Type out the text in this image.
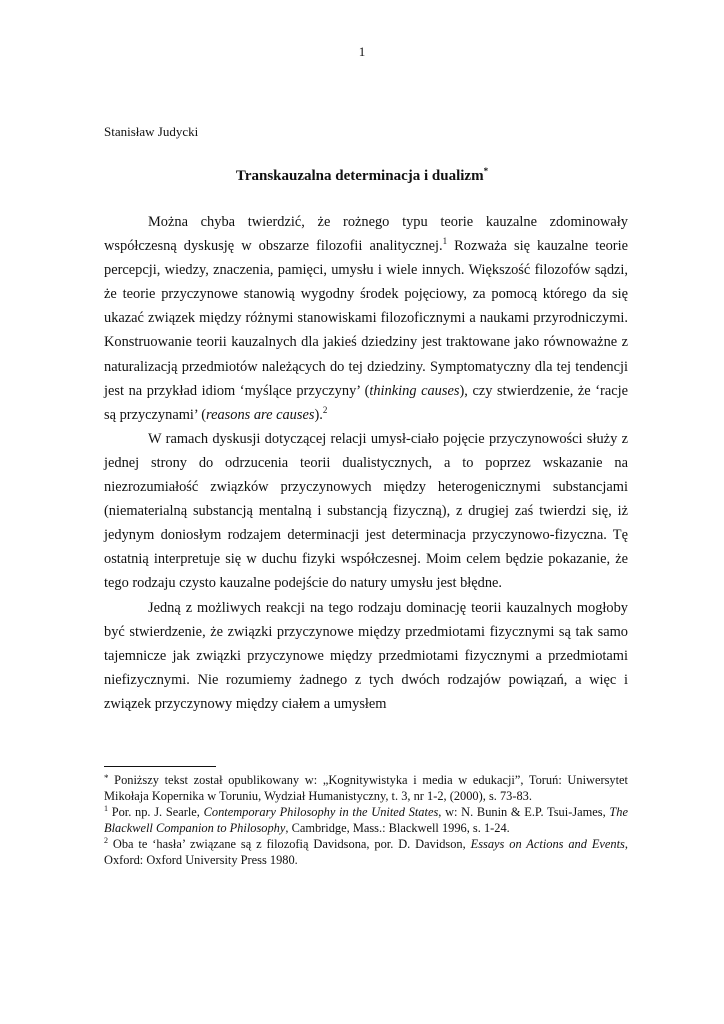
1
Stanisław Judycki
Transkauzalna determinacja i dualizm*

Można chyba twierdzić, że rożnego typu teorie kauzalne zdominowały współczesną dyskusję w obszarze filozofii analitycznej.$^1$ Rozważa się kauzalne teorie percepcji, wiedzy, znaczenia, pamięci, umysłu i wiele innych. Większość filozofów sądzi, że teorie przyczynowe stanowią wygodny środek pojęciowy, za pomocą którego da się ukazać związek między różnymi stanowiskami filozoficznymi a naukami przyrodniczymi. Konstruowanie teorii kauzalnych dla jakieś dziedziny jest traktowane jako równoważne z naturalizacją przedmiotów należących do tej dziedziny. Symptomatyczny dla tej tendencji jest na przykład idiom ‘myślące przyczyny’ (thinking causes), czy stwierdzenie, że ‘racje są przyczynami’ (reasons are causes).$^2$

W ramach dyskusji dotyczącej relacji umysł-ciało pojęcie przyczynowości służy z jednej strony do odrzucenia teorii dualistycznych, a to poprzez wskazanie na niezrozumiałość związków przyczynowych między heterogenicznymi substancjami (niematerialną substancją mentalną i substancją fizyczną), z drugiej zaś twierdzi się, iż jedynym doniosłym rodzajem determinacji jest determinacja przyczynowo-fizyczna. Tę ostatnią interpretuje się w duchu fizyki współczesnej. Moim celem będzie pokazanie, że tego rodzaju czysto kauzalne podejście do natury umysłu jest błędne.

Jedną z możliwych reakcji na tego rodzaju dominację teorii kauzalnych mogłoby być stwierdzenie, że związki przyczynowe między przedmiotami fizycznymi są tak samo tajemnicze jak związki przyczynowe między przedmiotami fizycznymi a przedmiotami niefizycznymi. Nie rozumiemy żadnego z tych dwóch rodzajów powiązań, a więc i związek przyczynowy między ciałem a umysłem

* Poniższy tekst został opublikowany w: „Kognitywistyka i media w edukacji”, Toruń: Uniwersytet Mikołaja Kopernika w Toruniu, Wydział Humanistyczny, t. 3, nr 1-2, (2000), s. 73-83.

$^1$ Por. np. J. Searle, Contemporary Philosophy in the United States, w: N. Bunin & E.P. Tsui-James, The Blackwell Companion to Philosophy, Cambridge, Mass.: Blackwell 1996, s. 1-24.

$^2$ Oba te ‘hasła’ związane są z filozofią Davidsona, por. D. Davidson, Essays on Actions and Events, Oxford: Oxford University Press 1980.
